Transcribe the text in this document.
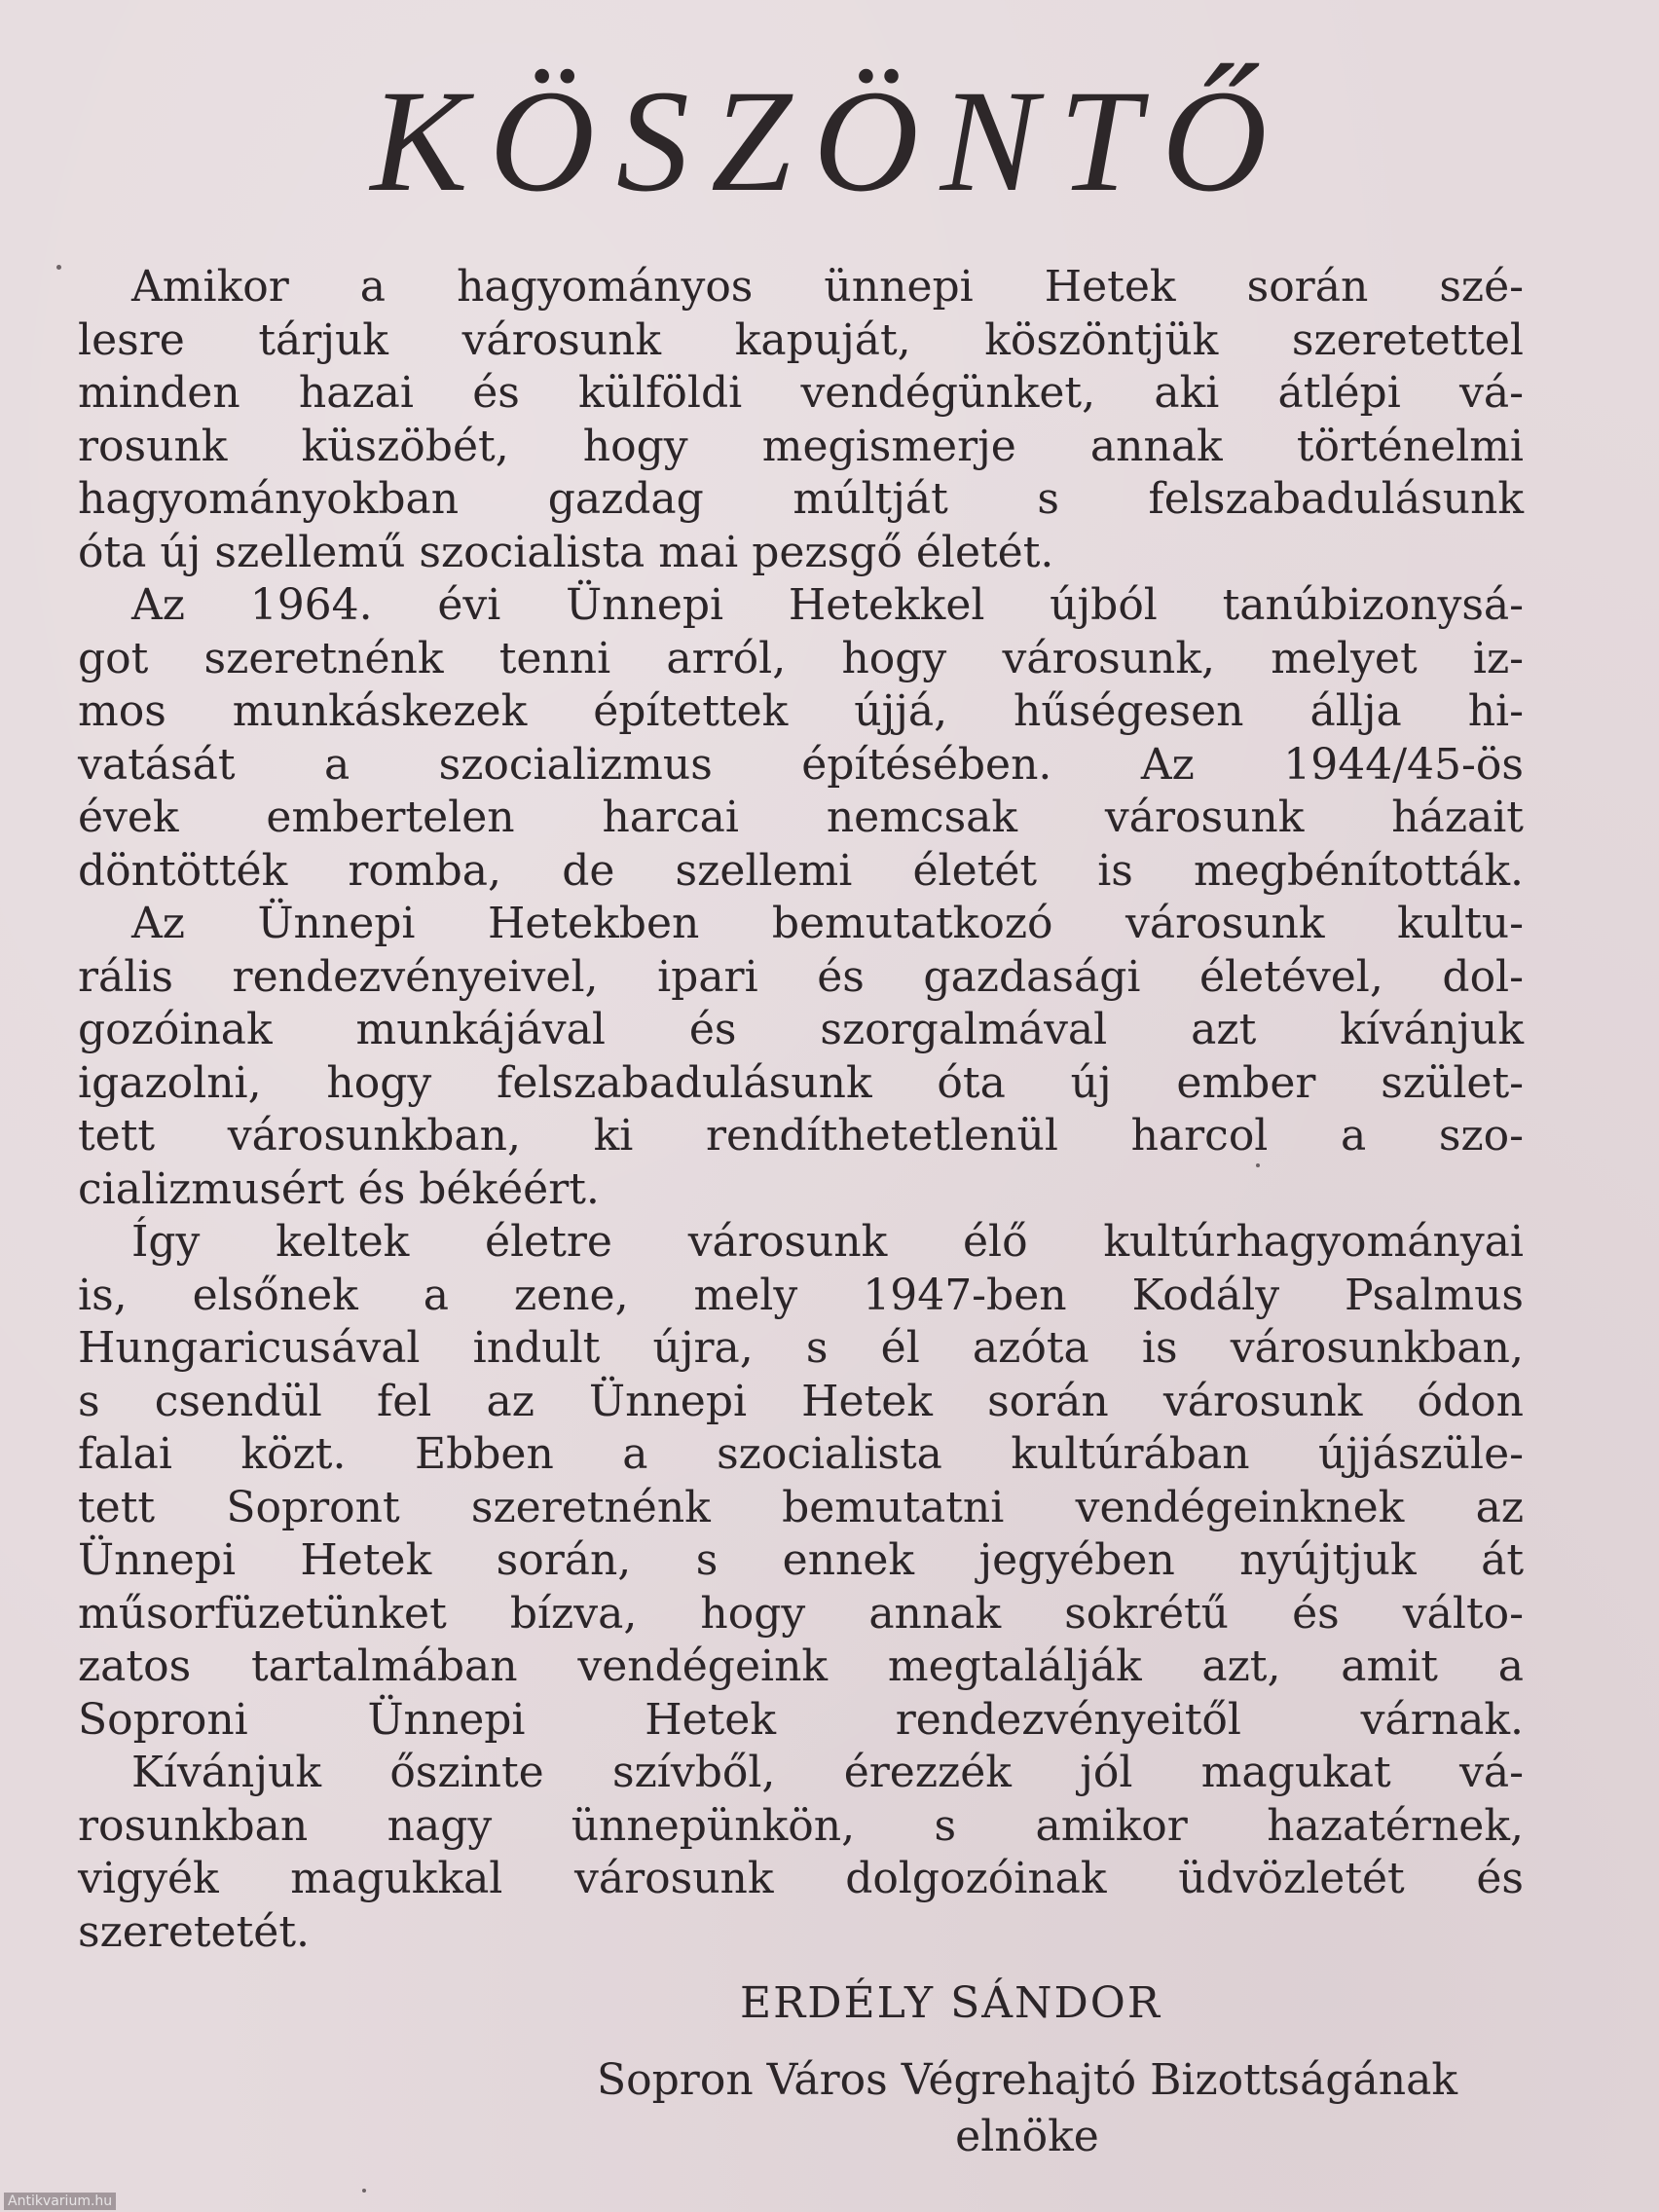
KÖSZÖNTŐ

Amikor a hagyományos ünnepi Hetek során szé-

lesre tárjuk városunk kapuját, köszöntjük szeretettel

minden hazai és külföldi vendégünket, aki átlépi vá-

rosunk küszöbét, hogy megismerje annak történelmi

hagyományokban gazdag múltját s felszabadulásunk

óta új szellemű szocialista mai pezsgő életét.

Az 1964. évi Ünnepi Hetekkel újból tanúbizonysá-

got szeretnénk tenni arról, hogy városunk, melyet iz-

mos munkáskezek építettek újjá, hűségesen állja hi-

vatását a szocializmus építésében. Az 1944/45-ös

évek embertelen harcai nemcsak városunk házait

döntötték romba, de szellemi életét is megbénították.

Az Ünnepi Hetekben bemutatkozó városunk kultu-

rális rendezvényeivel, ipari és gazdasági életével, dol-

gozóinak munkájával és szorgalmával azt kívánjuk

igazolni, hogy felszabadulásunk óta új ember szület-

tett városunkban, ki rendíthetetlenül harcol a szo-

cializmusért és békéért.

Így keltek életre városunk élő kultúrhagyományai

is, elsőnek a zene, mely 1947-ben Kodály Psalmus

Hungaricusával indult újra, s él azóta is városunkban,

s csendül fel az Ünnepi Hetek során városunk ódon

falai közt. Ebben a szocialista kultúrában újjászüle-

tett Sopront szeretnénk bemutatni vendégeinknek az

Ünnepi Hetek során, s ennek jegyében nyújtjuk át

műsorfüzetünket bízva, hogy annak sokrétű és válto-

zatos tartalmában vendégeink megtalálják azt, amit a

Soproni Ünnepi Hetek rendezvényeitől várnak.

Kívánjuk őszinte szívből, érezzék jól magukat vá-

rosunkban nagy ünnepünkön, s amikor hazatérnek,

vigyék magukkal városunk dolgozóinak üdvözletét és

szeretetét.

ERDÉLY SÁNDOR
Sopron Város Végrehajtó Bizottságának
elnöke
Antikvarium.hu
